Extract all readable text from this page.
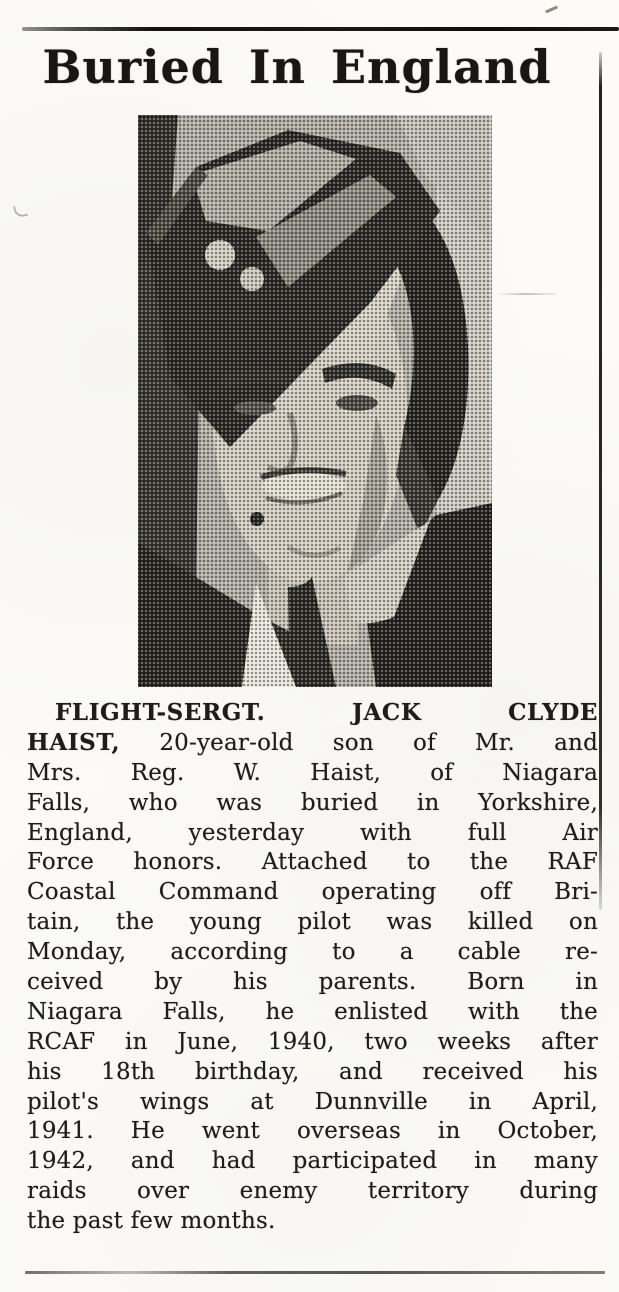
Buried In England
FLIGHT-SERGT. JACK CLYDE
HAIST, 20-year-old son of Mr. and
Mrs. Reg. W. Haist, of Niagara
Falls, who was buried in Yorkshire,
England, yesterday with full Air
Force honors. Attached to the RAF
Coastal Command operating off Bri-
tain, the young pilot was killed on
Monday, according to a cable re-
ceived by his parents. Born in
Niagara Falls, he enlisted with the
RCAF in June, 1940, two weeks after
his 18th birthday, and received his
pilot's wings at Dunnville in April,
1941. He went overseas in October,
1942, and had participated in many
raids over enemy territory during
the past few months.
